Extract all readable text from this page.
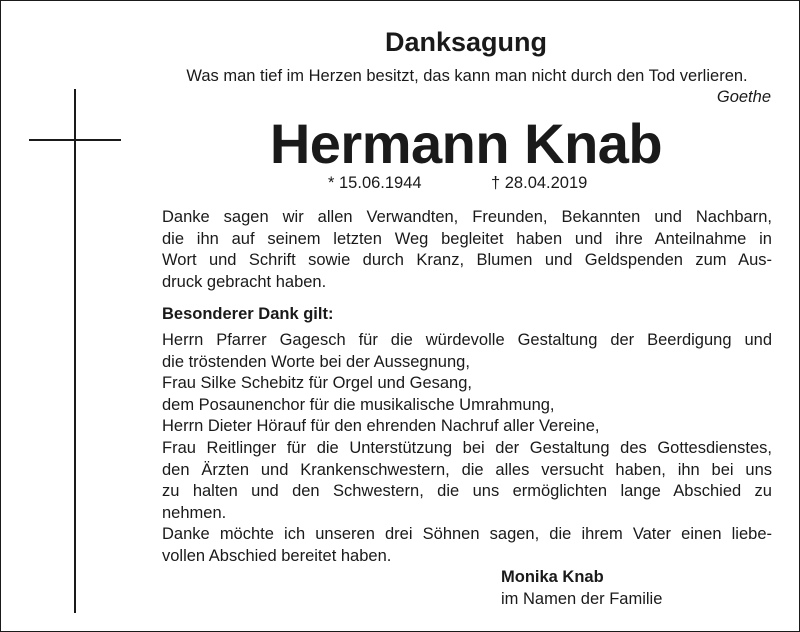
Danksagung
Was man tief im Herzen besitzt, das kann man nicht durch den Tod verlieren.
Goethe
Hermann Knab
* 15.06.1944	† 28.04.2019
Danke sagen wir allen Verwandten, Freunden, Bekannten und Nachbarn,
die ihn auf seinem letzten Weg begleitet haben und ihre Anteilnahme in
Wort und Schrift sowie durch Kranz, Blumen und Geldspenden zum Aus-
druck gebracht haben.
Besonderer Dank gilt:
Herrn Pfarrer Gagesch für die würdevolle Gestaltung der Beerdigung und
die tröstenden Worte bei der Aussegnung,
Frau Silke Schebitz für Orgel und Gesang,
dem Posaunenchor für die musikalische Umrahmung,
Herrn Dieter Hörauf für den ehrenden Nachruf aller Vereine,
Frau Reitlinger für die Unterstützung bei der Gestaltung des Gottesdienstes,
den Ärzten und Krankenschwestern, die alles versucht haben, ihn bei uns
zu halten und den Schwestern, die uns ermöglichten lange Abschied zu
nehmen.
Danke möchte ich unseren drei Söhnen sagen, die ihrem Vater einen liebe-
vollen Abschied bereitet haben.
Monika Knab
im Namen der Familie
